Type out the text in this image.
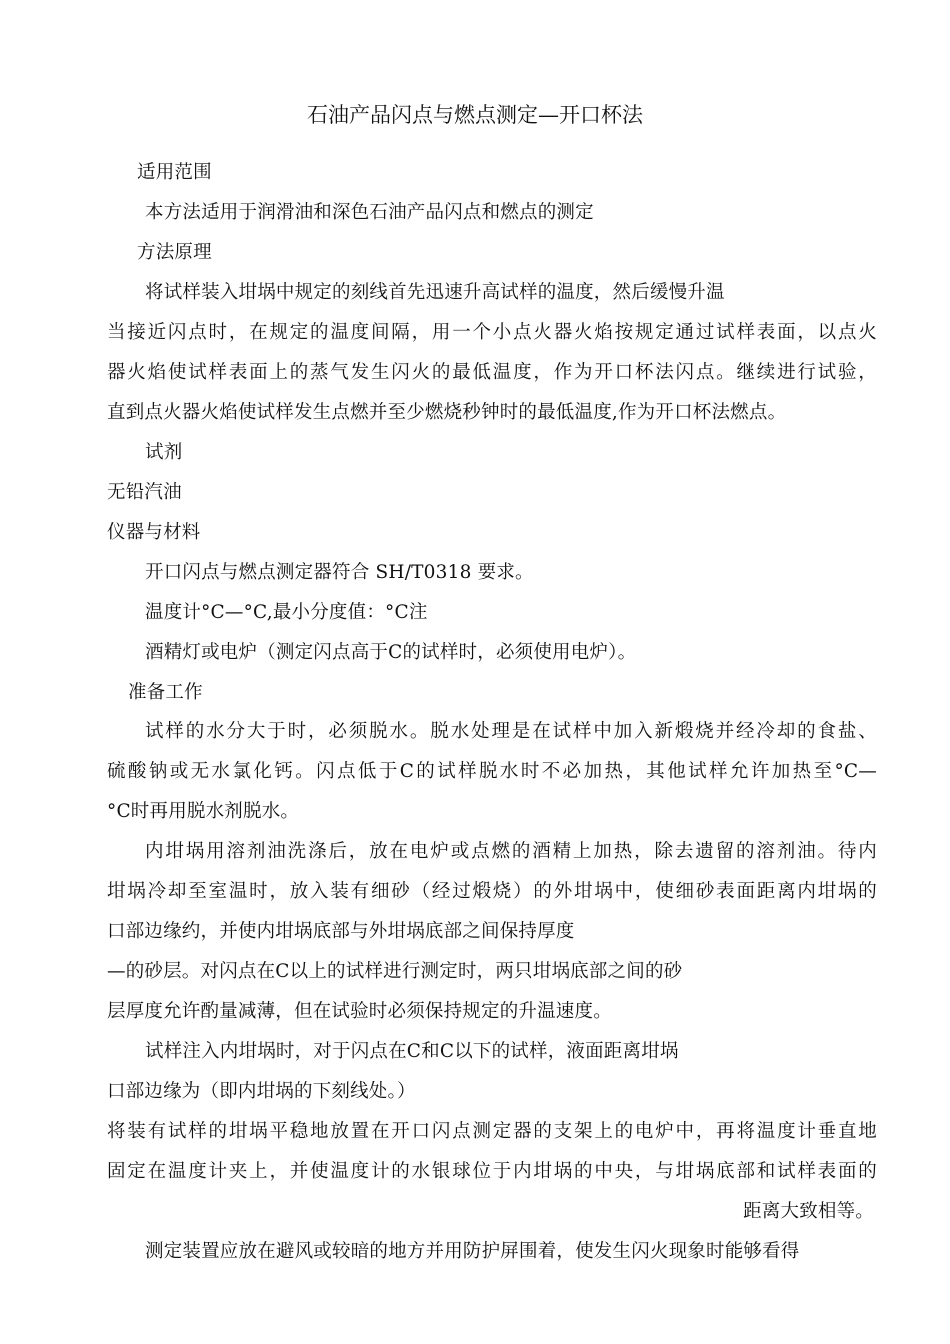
石油产品闪点与燃点测定—开口杯法
适用范围
本方法适用于润滑油和深色石油产品闪点和燃点的测定
方法原理
将试样装入坩埚中规定的刻线首先迅速升高试样的温度，然后缓慢升温
当接近闪点时，在规定的温度间隔，用一个小点火器火焰按规定通过试样表面，以点火
器火焰使试样表面上的蒸气发生闪火的最低温度，作为开口杯法闪点。继续进行试验，
直到点火器火焰使试样发生点燃并至少燃烧秒钟时的最低温度,作为开口杯法燃点。
试剂
无铅汽油
仪器与材料
开口闪点与燃点测定器符合 SH/T0318 要求。
温度计°C—°C,最小分度值：°C注
酒精灯或电炉（测定闪点高于C的试样时，必须使用电炉）。
准备工作
试样的水分大于时，必须脱水。脱水处理是在试样中加入新煅烧并经冷却的食盐、
硫酸钠或无水氯化钙。闪点低于C的试样脱水时不必加热，其他试样允许加热至°C—
°C时再用脱水剂脱水。
内坩埚用溶剂油洗涤后，放在电炉或点燃的酒精上加热，除去遗留的溶剂油。待内
坩埚冷却至室温时，放入装有细砂（经过煅烧）的外坩埚中，使细砂表面距离内坩埚的
口部边缘约，并使内坩埚底部与外坩埚底部之间保持厚度
—的砂层。对闪点在C以上的试样进行测定时，两只坩埚底部之间的砂
层厚度允许酌量减薄，但在试验时必须保持规定的升温速度。
试样注入内坩埚时，对于闪点在C和C以下的试样，液面距离坩埚
口部边缘为（即内坩埚的下刻线处。）
将装有试样的坩埚平稳地放置在开口闪点测定器的支架上的电炉中，再将温度计垂直地
固定在温度计夹上，并使温度计的水银球位于内坩埚的中央，与坩埚底部和试样表面的
距离大致相等。
测定装置应放在避风或较暗的地方并用防护屏围着，使发生闪火现象时能够看得
